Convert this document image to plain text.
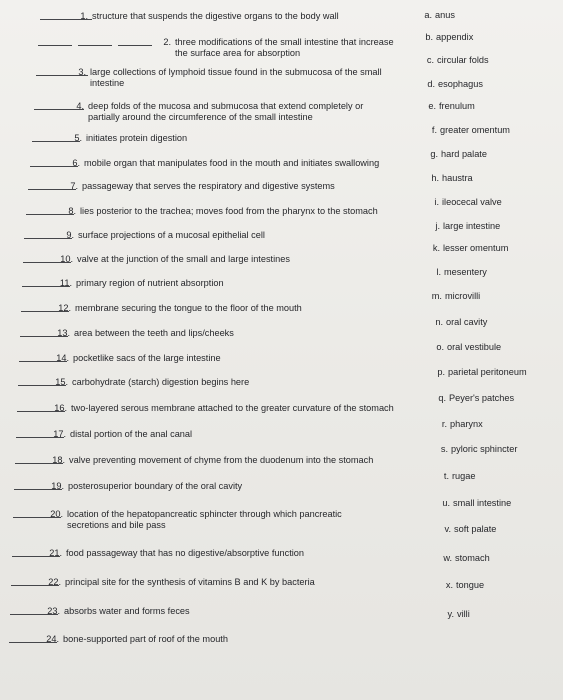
1. structure that suspends the digestive organs to the body wall
2. three modifications of the small intestine that increase
the surface area for absorption
3. large collections of lymphoid tissue found in the submucosa of the small
intestine
4. deep folds of the mucosa and submucosa that extend completely or
partially around the circumference of the small intestine
5. initiates protein digestion
6. mobile organ that manipulates food in the mouth and initiates swallowing
7. passageway that serves the respiratory and digestive systems
8. lies posterior to the trachea; moves food from the pharynx to the stomach
9. surface projections of a mucosal epithelial cell
10. valve at the junction of the small and large intestines
11. primary region of nutrient absorption
12. membrane securing the tongue to the floor of the mouth
13. area between the teeth and lips/cheeks
14. pocketlike sacs of the large intestine
15. carbohydrate (starch) digestion begins here
16. two-layered serous membrane attached to the greater curvature of the stomach
17. distal portion of the anal canal
18. valve preventing movement of chyme from the duodenum into the stomach
19. posterosuperior boundary of the oral cavity
20. location of the hepatopancreatic sphincter through which pancreatic
secretions and bile pass
21. food passageway that has no digestive/absorptive function
22. principal site for the synthesis of vitamins B and K by bacteria
23. absorbs water and forms feces
24. bone-supported part of roof of the mouth
a. anus
b. appendix
c. circular folds
d. esophagus
e. frenulum
f. greater omentum
g. hard palate
h. haustra
i. ileocecal valve
j. large intestine
k. lesser omentum
l. mesentery
m. microvilli
n. oral cavity
o. oral vestibule
p. parietal peritoneum
q. Peyer's patches
r. pharynx
s. pyloric sphincter
t. rugae
u. small intestine
v. soft palate
w. stomach
x. tongue
y. villi
